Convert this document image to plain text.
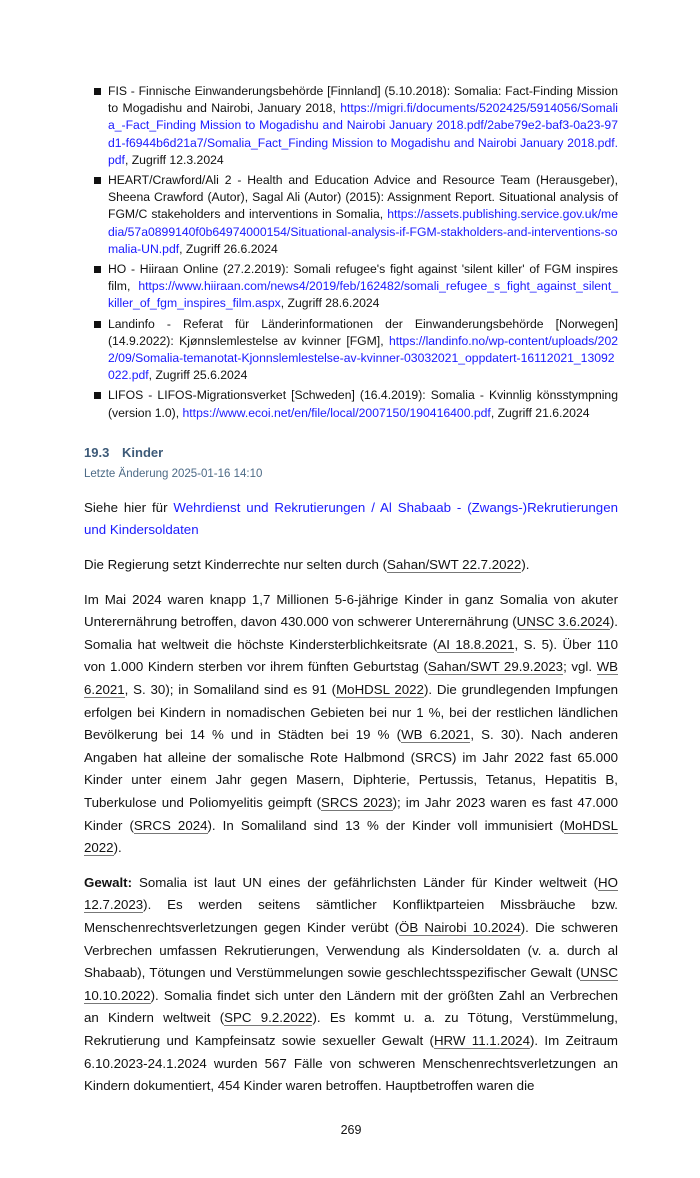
FIS - Finnische Einwanderungsbehörde [Finnland] (5.10.2018): Somalia: Fact-Finding Mission to Mogadishu and Nairobi, January 2018, https://migri.fi/documents/5202425/5914056/Somalia_-Fact_Finding Mission to Mogadishu and Nairobi January 2018.pdf/2abe79e2-baf3-0a23-97d1-f6944b6d21a7/Somalia_Fact_Finding Mission to Mogadishu and Nairobi January 2018.pdf.pdf, Zugriff 12.3.2024
HEART/Crawford/Ali 2 - Health and Education Advice and Resource Team (Herausgeber), Sheena Crawford (Autor), Sagal Ali (Autor) (2015): Assignment Report. Situational analysis of FGM/C stakeholders and interventions in Somalia, https://assets.publishing.service.gov.uk/media/57a0899140f0b64974000154/Situational-analysis-if-FGM-stakholders-and-interventions-somalia-UN.pdf, Zugriff 26.6.2024
HO - Hiiraan Online (27.2.2019): Somali refugee's fight against 'silent killer' of FGM inspires film, https://www.hiiraan.com/news4/2019/feb/162482/somali_refugee_s_fight_against_silent_killer_of_fgm_inspires_film.aspx, Zugriff 28.6.2024
Landinfo - Referat für Länderinformationen der Einwanderungsbehörde [Norwegen] (14.9.2022): Kjønnslemlestelse av kvinner [FGM], https://landinfo.no/wp-content/uploads/2022/09/Somalia-temanotat-Kjonnslemlestelse-av-kvinner-03032021_oppdatert-16112021_13092022.pdf, Zugriff 25.6.2024
LIFOS - LIFOS-Migrationsverket [Schweden] (16.4.2019): Somalia - Kvinnlig könsstympning (version 1.0), https://www.ecoi.net/en/file/local/2007150/190416400.pdf, Zugriff 21.6.2024
19.3 Kinder
Letzte Änderung 2025-01-16 14:10

Siehe hier für Wehrdienst und Rekrutierungen / Al Shabaab - (Zwangs-)Rekrutierungen und Kindersoldaten

Die Regierung setzt Kinderrechte nur selten durch (Sahan/SWT 22.7.2022).

Im Mai 2024 waren knapp 1,7 Millionen 5-6-jährige Kinder in ganz Somalia von akuter Unterernährung betroffen, davon 430.000 von schwerer Unterernährung (UNSC 3.6.2024). Somalia hat weltweit die höchste Kindersterblichkeitsrate (AI 18.8.2021, S. 5). Über 110 von 1.000 Kindern sterben vor ihrem fünften Geburtstag (Sahan/SWT 29.9.2023; vgl. WB 6.2021, S. 30); in Somaliland sind es 91 (MoHDSL 2022). Die grundlegenden Impfungen erfolgen bei Kindern in nomadischen Gebieten bei nur 1 %, bei der restlichen ländlichen Bevölkerung bei 14 % und in Städten bei 19 % (WB 6.2021, S. 30). Nach anderen Angaben hat alleine der somalische Rote Halbmond (SRCS) im Jahr 2022 fast 65.000 Kinder unter einem Jahr gegen Masern, Diphterie, Pertussis, Tetanus, Hepatitis B, Tuberkulose und Poliomyelitis geimpft (SRCS 2023); im Jahr 2023 waren es fast 47.000 Kinder (SRCS 2024). In Somaliland sind 13 % der Kinder voll immunisiert (MoHDSL 2022).

Gewalt: Somalia ist laut UN eines der gefährlichsten Länder für Kinder weltweit (HO 12.7.2023). Es werden seitens sämtlicher Konfliktparteien Missbräuche bzw. Menschenrechtsverletzungen gegen Kinder verübt (ÖB Nairobi 10.2024). Die schweren Verbrechen umfassen Rekrutierungen, Verwendung als Kindersoldaten (v. a. durch al Shabaab), Tötungen und Verstümmelungen sowie geschlechtsspezifischer Gewalt (UNSC 10.10.2022). Somalia findet sich unter den Ländern mit der größten Zahl an Verbrechen an Kindern weltweit (SPC 9.2.2022). Es kommt u. a. zu Tötung, Verstümmelung, Rekrutierung und Kampfeinsatz sowie sexueller Gewalt (HRW 11.1.2024). Im Zeitraum 6.10.2023-24.1.2024 wurden 567 Fälle von schweren Menschenrechtsverletzungen an Kindern dokumentiert, 454 Kinder waren betroffen. Hauptbetroffen waren die

269
